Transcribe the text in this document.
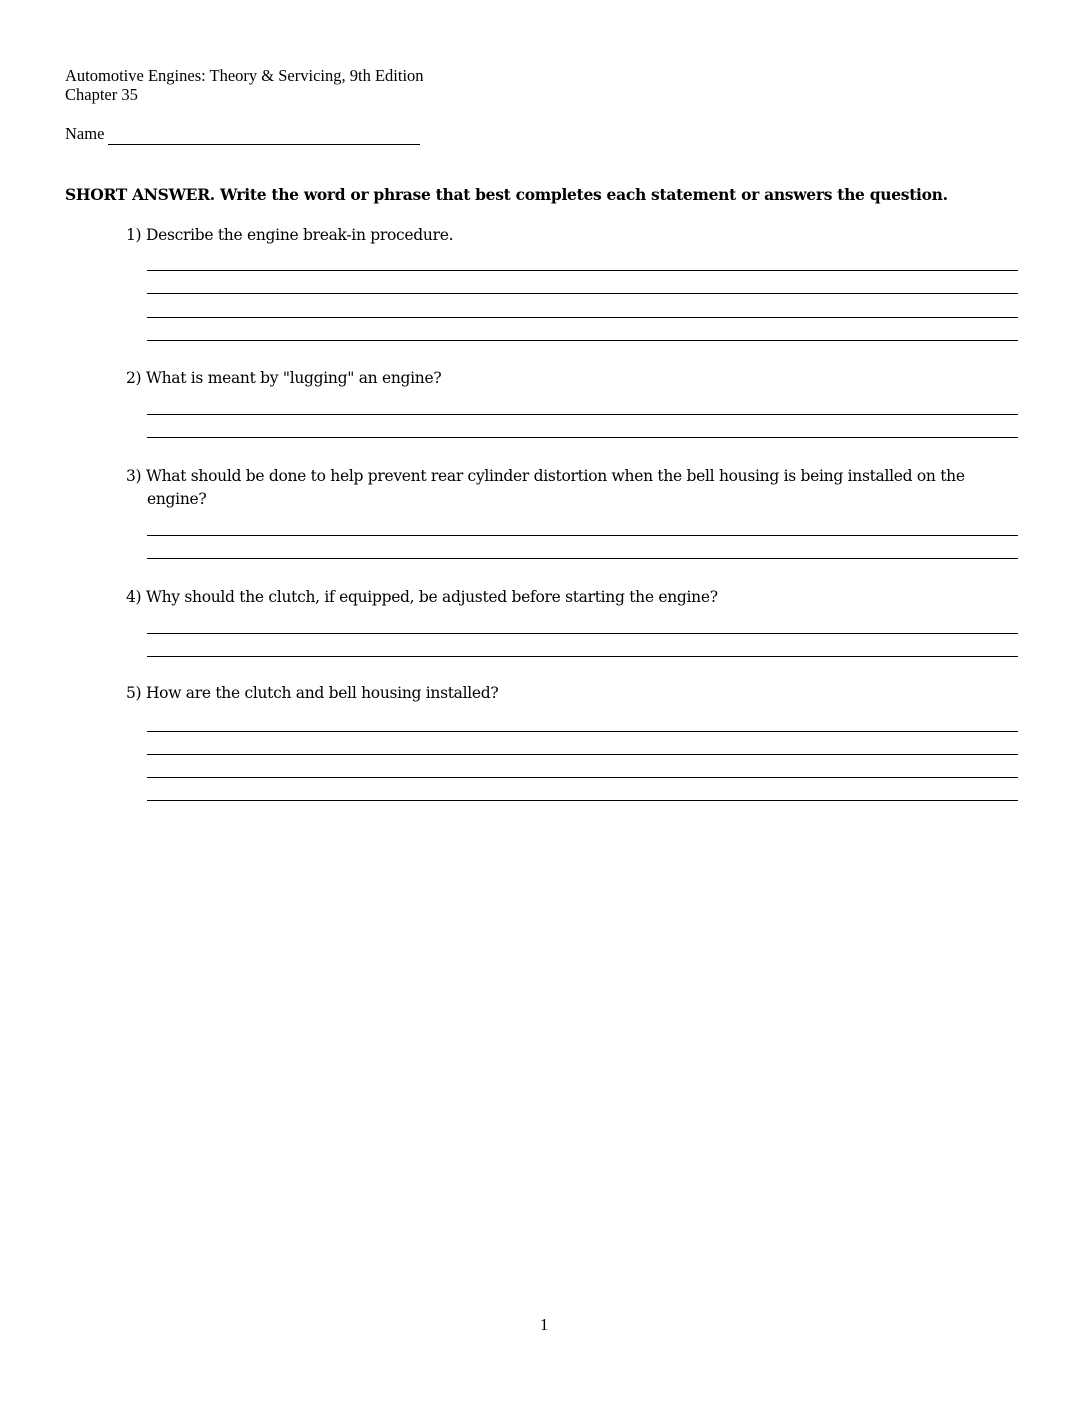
Automotive Engines: Theory & Servicing, 9th Edition
Chapter 35
Name
SHORT ANSWER. Write the word or phrase that best completes each statement or answers the question.
1) Describe the engine break-in procedure.
2) What is meant by "lugging" an engine?
3) What should be done to help prevent rear cylinder distortion when the bell housing is being installed on the
engine?
4) Why should the clutch, if equipped, be adjusted before starting the engine?
5) How are the clutch and bell housing installed?
1
